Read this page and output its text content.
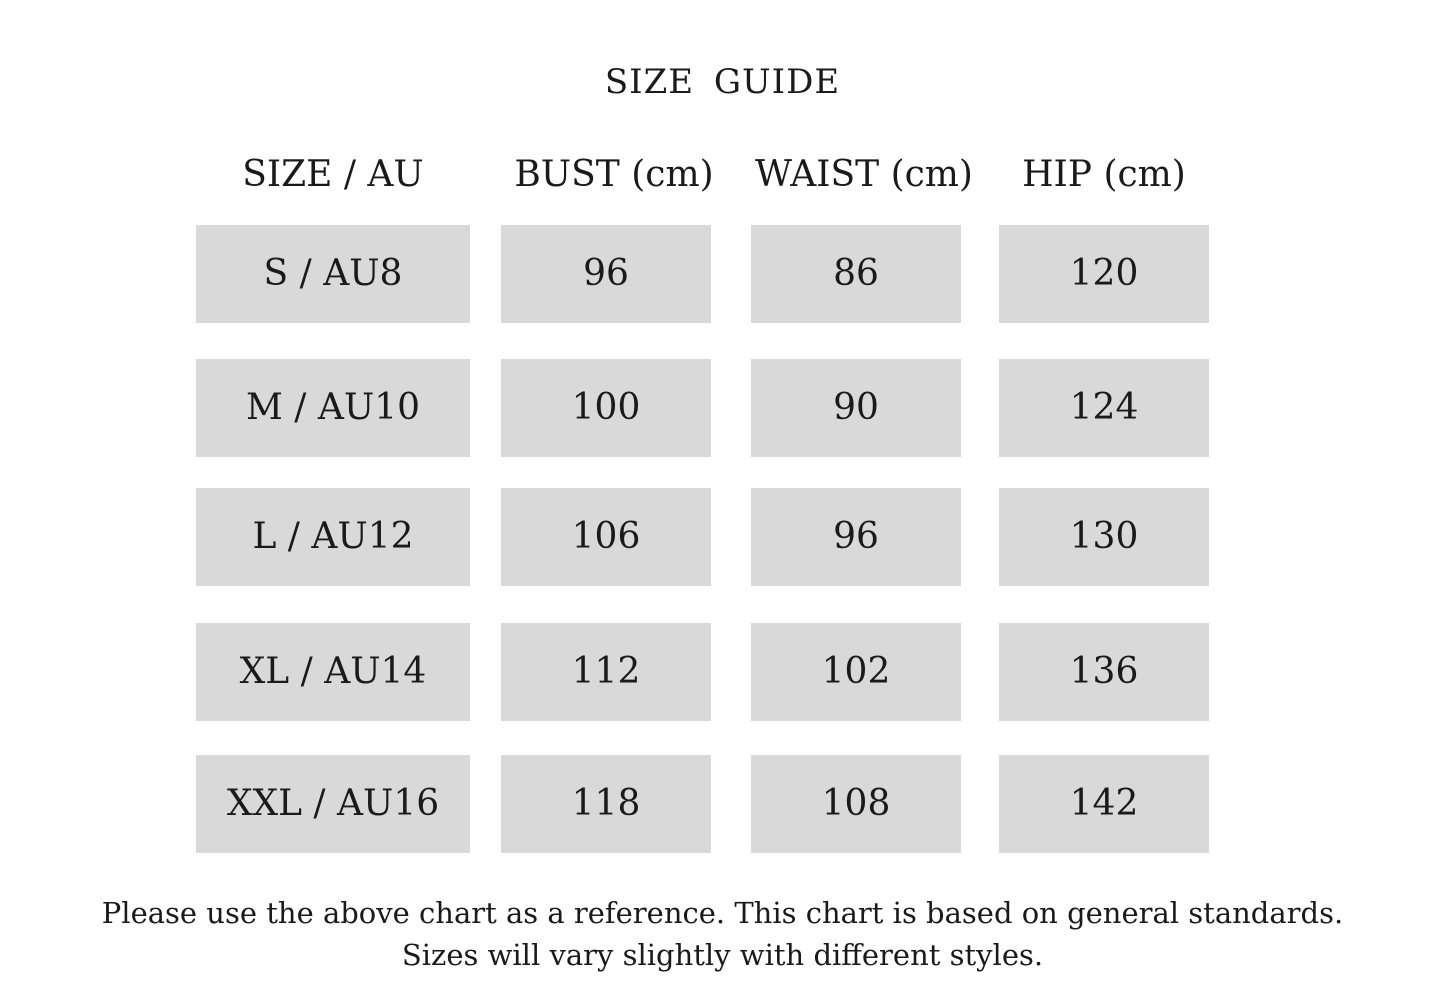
SIZE GUIDE
SIZE / AU	BUST (cm)	WAIST (cm)	HIP (cm)
S / AU8	96	86	120
M / AU10	100	90	124
L / AU12	106	96	130
XL / AU14	112	102	136
XXL / AU16	118	108	142
Please use the above chart as a reference. This chart is based on general standards.
Sizes will vary slightly with different styles.
